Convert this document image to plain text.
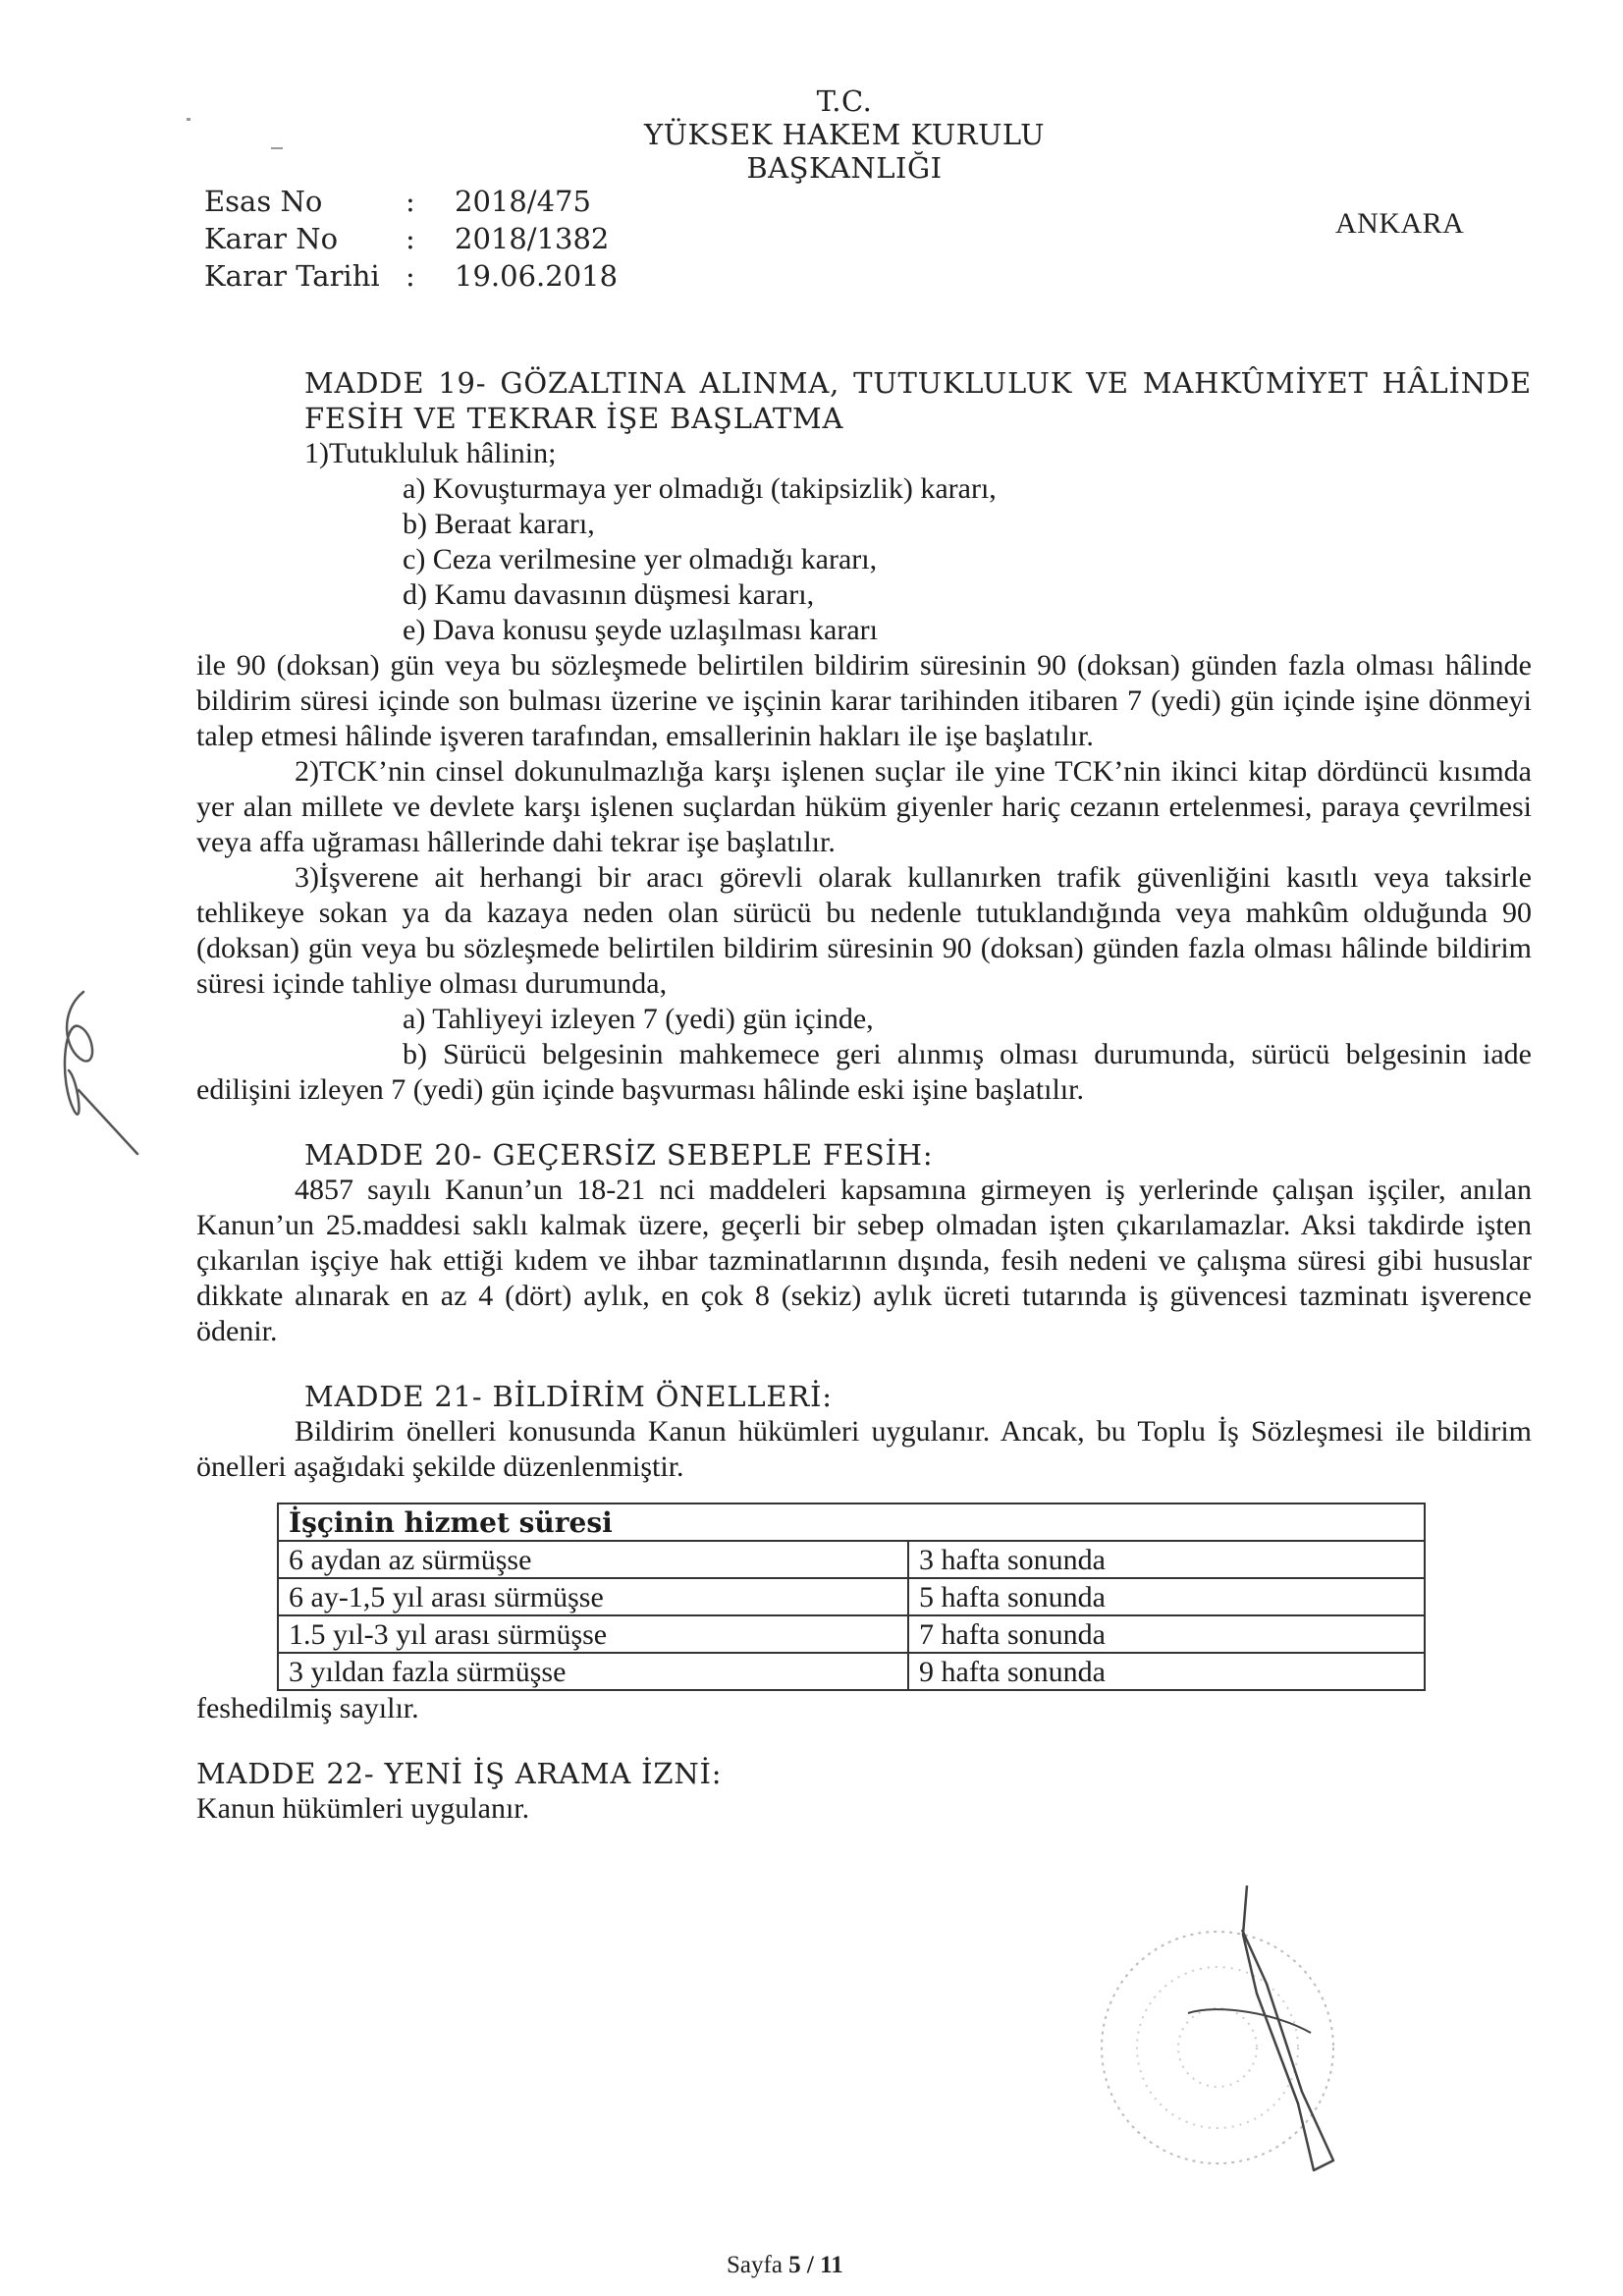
T.C.
YÜKSEK HAKEM KURULU
BAŞKANLIĞI
Esas No	:	2018/475
Karar No	:	2018/1382
Karar Tarihi :	19.06.2018
ANKARA
MADDE 19- GÖZALTINA ALINMA, TUTUKLULUK VE MAHKÛMİYET HÂLİNDE FESİH VE TEKRAR İŞE BAŞLATMA
1)Tutukluluk hâlinin;
a) Kovuşturmaya yer olmadığı (takipsizlik) kararı,
b) Beraat kararı,
c) Ceza verilmesine yer olmadığı kararı,
d) Kamu davasının düşmesi kararı,
e) Dava konusu şeyde uzlaşılması kararı
ile 90 (doksan) gün veya bu sözleşmede belirtilen bildirim süresinin 90 (doksan) günden fazla olması hâlinde bildirim süresi içinde son bulması üzerine ve işçinin karar tarihinden itibaren 7 (yedi) gün içinde işine dönmeyi talep etmesi hâlinde işveren tarafından, emsallerinin hakları ile işe başlatılır.
2)TCK’nin cinsel dokunulmazlığa karşı işlenen suçlar ile yine TCK’nin ikinci kitap dördüncü kısımda yer alan millete ve devlete karşı işlenen suçlardan hüküm giyenler hariç cezanın ertelenmesi, paraya çevrilmesi veya affa uğraması hâllerinde dahi tekrar işe başlatılır.
3)İşverene ait herhangi bir aracı görevli olarak kullanırken trafik güvenliğini kasıtlı veya taksirle tehlikeye sokan ya da kazaya neden olan sürücü bu nedenle tutuklandığında veya mahkûm olduğunda 90 (doksan) gün veya bu sözleşmede belirtilen bildirim süresinin 90 (doksan) günden fazla olması hâlinde bildirim süresi içinde tahliye olması durumunda,
a) Tahliyeyi izleyen 7 (yedi) gün içinde,
b) Sürücü belgesinin mahkemece geri alınmış olması durumunda, sürücü belgesinin iade edilişini izleyen 7 (yedi) gün içinde başvurması hâlinde eski işine başlatılır.
MADDE 20- GEÇERSİZ SEBEPLE FESİH:
4857 sayılı Kanun’un 18-21 nci maddeleri kapsamına girmeyen iş yerlerinde çalışan işçiler, anılan Kanun’un 25.maddesi saklı kalmak üzere, geçerli bir sebep olmadan işten çıkarılamazlar. Aksi takdirde işten çıkarılan işçiye hak ettiği kıdem ve ihbar tazminatlarının dışında, fesih nedeni ve çalışma süresi gibi hususlar dikkate alınarak en az 4 (dört) aylık, en çok 8 (sekiz) aylık ücreti tutarında iş güvencesi tazminatı işverence ödenir.
MADDE 21- BİLDİRİM ÖNELLERİ:
Bildirim önelleri konusunda Kanun hükümleri uygulanır. Ancak, bu Toplu İş Sözleşmesi ile bildirim önelleri aşağıdaki şekilde düzenlenmiştir.
İşçinin hizmet süresi	
6 aydan az sürmüşse	3 hafta sonunda
6 ay-1,5 yıl arası sürmüşse	5 hafta sonunda
1.5 yıl-3 yıl arası sürmüşse	7 hafta sonunda
3 yıldan fazla sürmüşse	9 hafta sonunda
feshedilmiş sayılır.
MADDE 22- YENİ İŞ ARAMA İZNİ:
Kanun hükümleri uygulanır.
Sayfa 5 / 11
